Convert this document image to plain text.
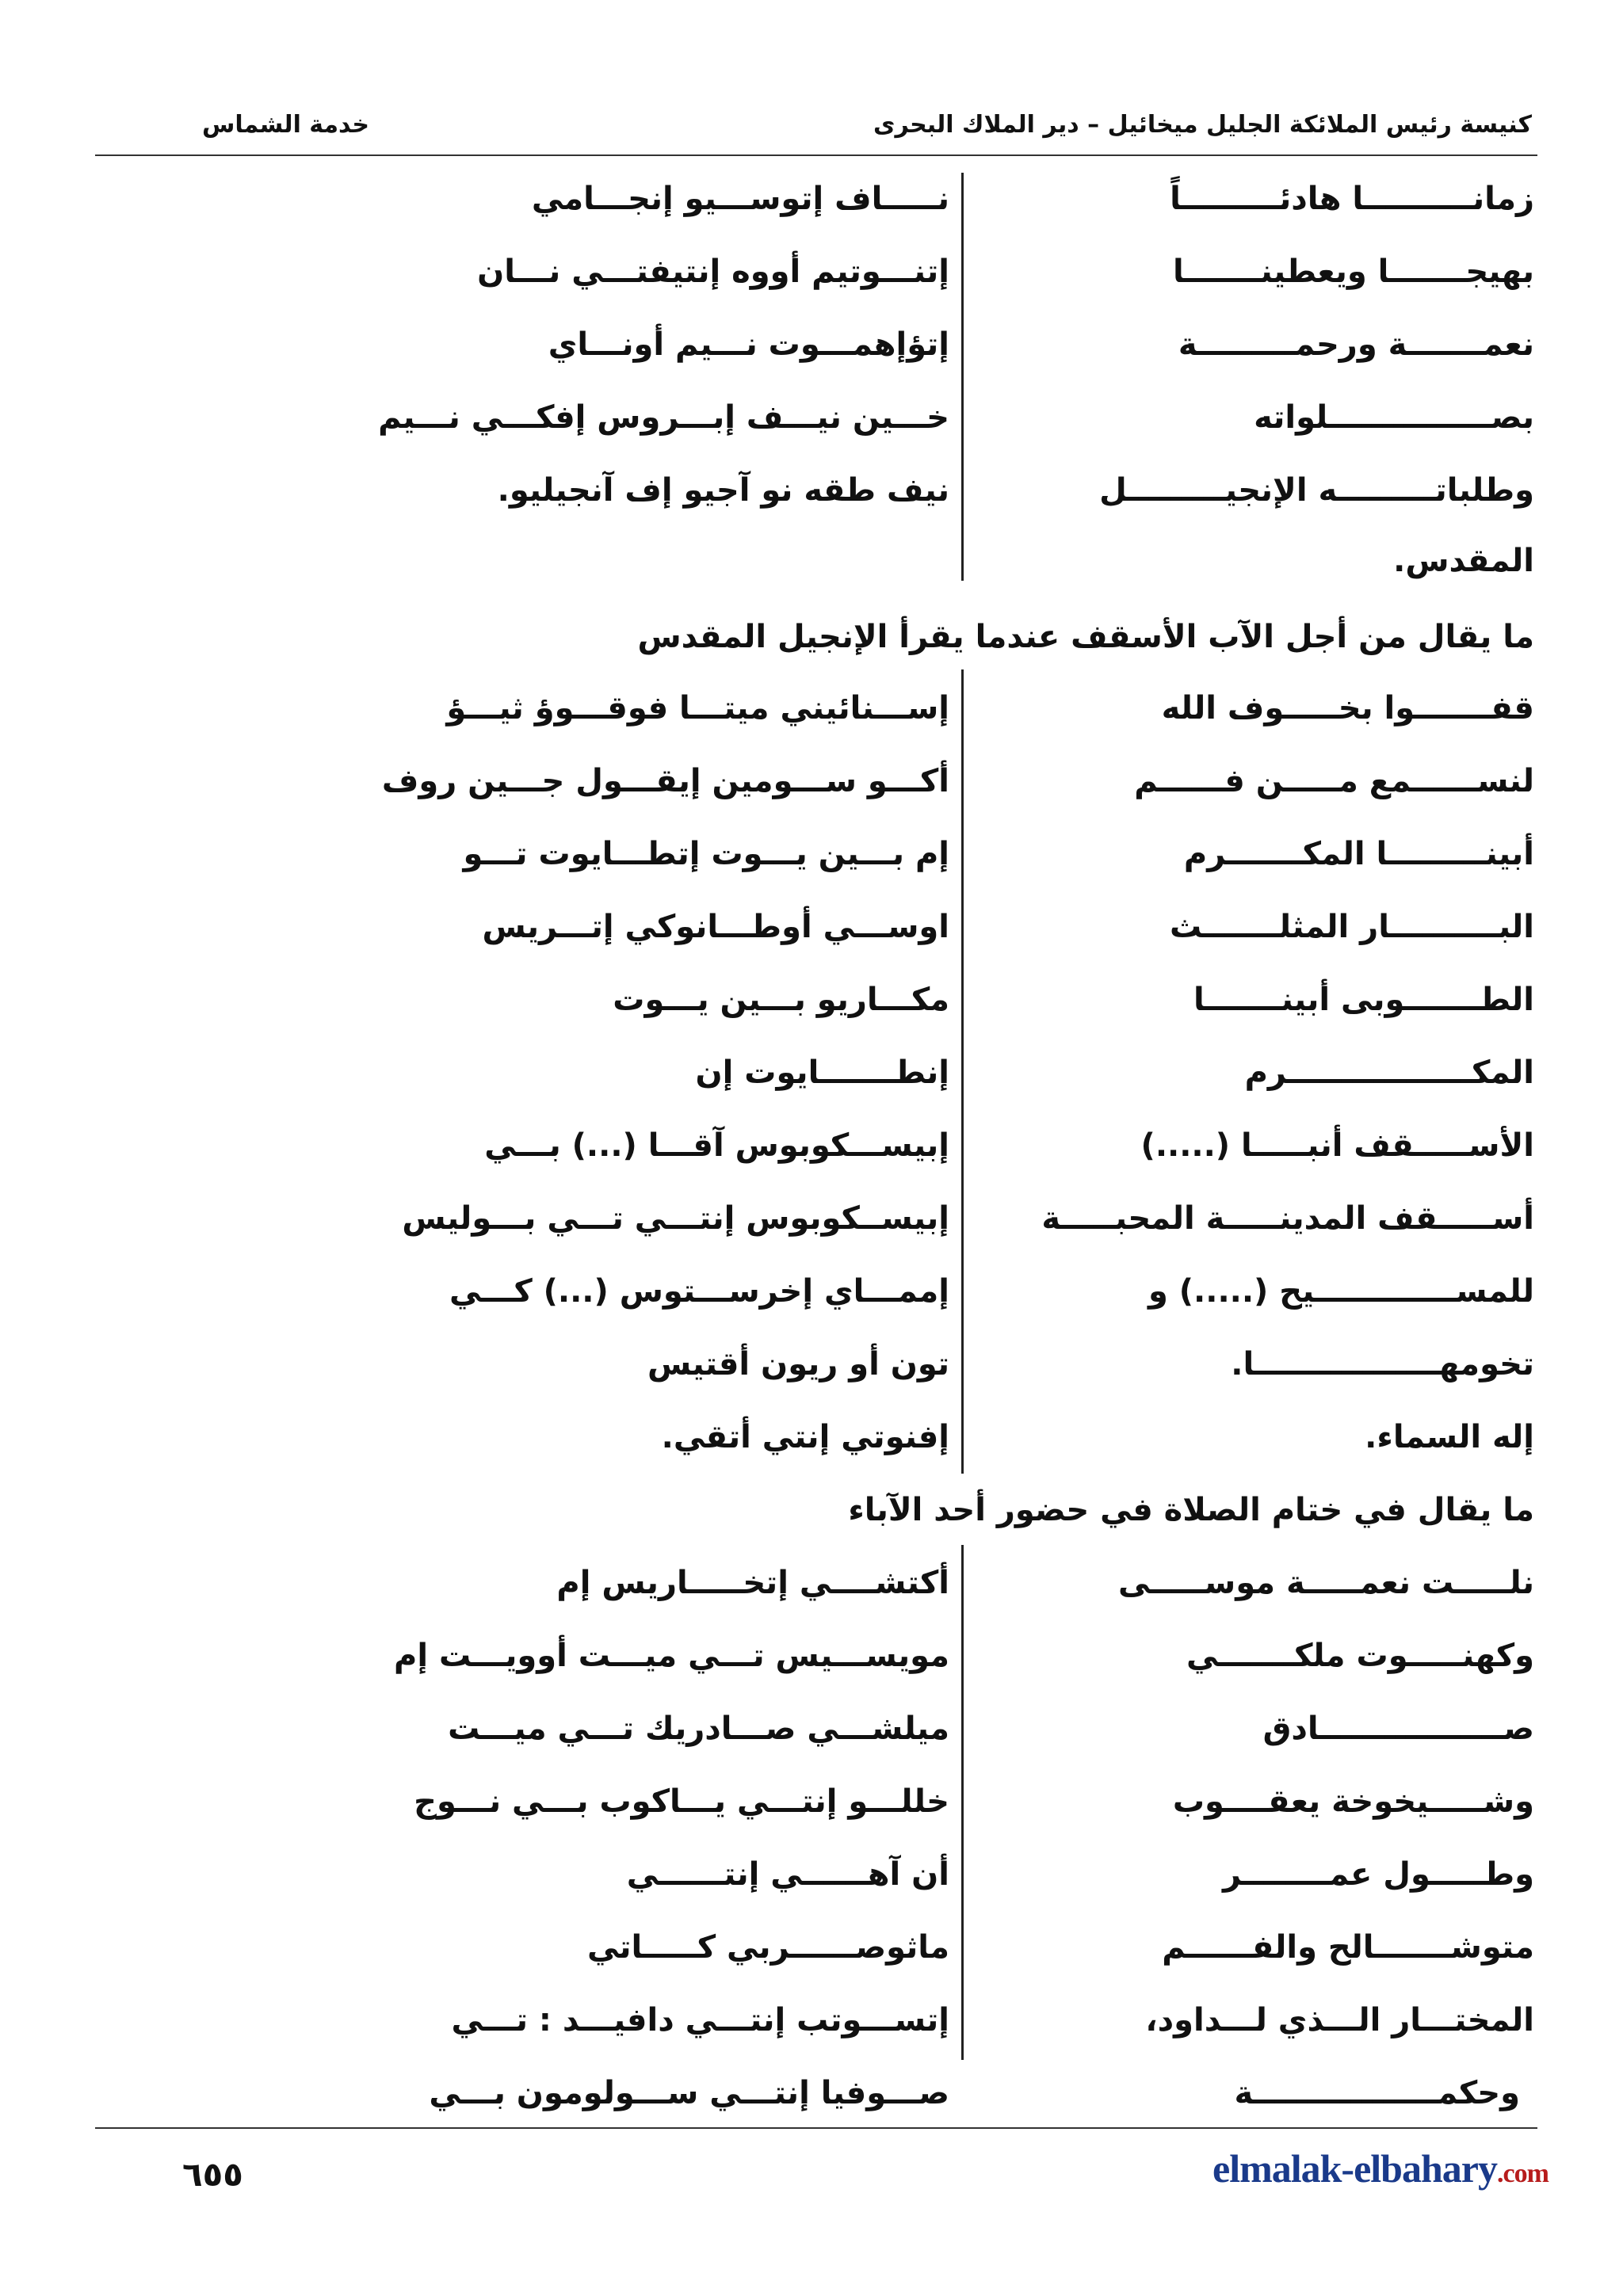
كنيسة رئيس الملائكة الجليل ميخائيل – دير الملاك البحرى
خدمة الشماس
زمانــــــــــا هادئـــــــــاً
نـــــاف إتوســـيو إنجـــامي
بهيجـــــــا ويعطينـــــــا
إتنـــوتيم أووه إنتيفتـــي نـــان
نعمـــــــة ورحمـــــــــة
إتؤإهمـــوت نـــيم أونـــاي
بصـــــــــــــــلواته
خـــين نيـــف إبـــروس إفكـــي نـــيم
وطلباتـــــــــه الإنجيـــــــــل
نيف طقه نو آجيو إف آنجيليو.
المقدس.
ما يقال من أجل الآب الأسقف عندما يقرأ الإنجيل المقدس
قفـــــــوا بخـــــوف الله
إســـنائيني ميتـــا فوقـــوؤ ثيـــؤ
لنســــــمع مـــــن فــــــم
أكـــو ســـومين إيقـــول جـــين روف
أبينـــــــــا المكـــــــرم
إم بـــين يـــوت إتطـــايوت تـــو
البــــــــــار المثلـــــــث
اوســـي أوطـــانوكي إتـــريس
الطـــــــوبى أبينـــــــا
مكـــاريو بـــين يـــوت
المكـــــــــــــــــرم
إنطـــــــايوت إن
الأســـــقف أنبـــــا (.....)
إبيســـكوبوس آقـــا (...) بـــي
أســـــقف المدينـــــة المحبـــــة
إبيســكوبوس إنتـــي تـــي بـــوليس
للمســـــــــــــيح (.....) و
إممـــاي إخرســـتوس (...) كـــي
تخومهـــــــــــــــــا.
تون أو ريون أقتيس
إله السماء.
إفنوتي إنتي أتقي.
ما يقال في ختام الصلاة في حضور أحد الآباء
نلـــــت نعمـــــة موســـــى
أكتشــــي إتخـــــاريس إم
وكهنـــــوت ملكـــــــي
مويســـيس تـــي ميـــت أوويـــت إم
صـــــــــــــــــادق
ميلشـــي صـــادريك تـــي ميـــت
وشـــــيخوخة يعقــــوب
خللـــو إنتـــي يـــاكوب بـــي نـــوج
وطـــــول عمــــــــر
أن آهــــــي إنتــــــي
متوشـــــــالح والفــــــم
ماثوصــــــربي كـــــاتي
المختـــار الـــذي لـــداود،
إتســـوتب إنتـــي دافيـــد : تـــي
وحكمـــــــــــــــــة
صـــوفيا إنتـــي ســـولومون بـــي
٦٥٥	elmalak-elbahary.com
